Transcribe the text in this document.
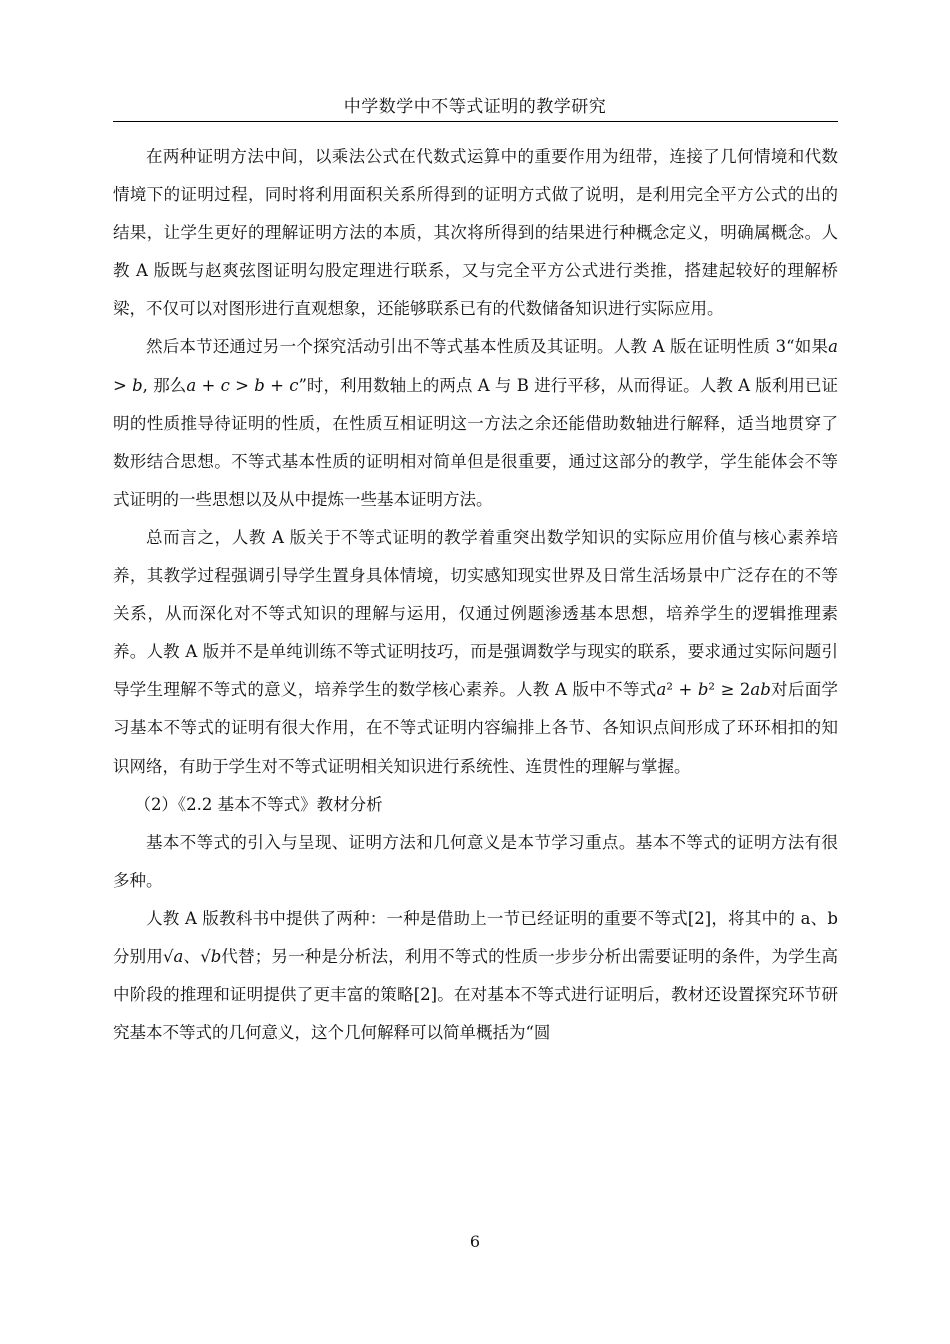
中学数学中不等式证明的教学研究

在两种证明方法中间，以乘法公式在代数式运算中的重要作用为纽带，连接了几何情境和代数情境下的证明过程，同时将利用面积关系所得到的证明方式做了说明，是利用完全平方公式的出的结果，让学生更好的理解证明方法的本质，其次将所得到的结果进行种概念定义，明确属概念。人教 A 版既与赵爽弦图证明勾股定理进行联系，又与完全平方公式进行类推，搭建起较好的理解桥梁，不仅可以对图形进行直观想象，还能够联系已有的代数储备知识进行实际应用。

然后本节还通过另一个探究活动引出不等式基本性质及其证明。人教 A 版在证明性质 3“如果𝑎 > 𝑏, 那么𝑎 + 𝑐 > 𝑏 + 𝑐”时，利用数轴上的两点 A 与 B 进行平移，从而得证。人教 A 版利用已证明的性质推导待证明的性质，在性质互相证明这一方法之余还能借助数轴进行解释，适当地贯穿了数形结合思想。不等式基本性质的证明相对简单但是很重要，通过这部分的教学，学生能体会不等式证明的一些思想以及从中提炼一些基本证明方法。

总而言之，人教 A 版关于不等式证明的教学着重突出数学知识的实际应用价值与核心素养培养，其教学过程强调引导学生置身具体情境，切实感知现实世界及日常生活场景中广泛存在的不等关系，从而深化对不等式知识的理解与运用，仅通过例题渗透基本思想，培养学生的逻辑推理素养。人教 A 版并不是单纯训练不等式证明技巧，而是强调数学与现实的联系，要求通过实际问题引导学生理解不等式的意义，培养学生的数学核心素养。人教 A 版中不等式𝑎² + 𝑏² ≥ 2𝑎𝑏对后面学习基本不等式的证明有很大作用，在不等式证明内容编排上各节、各知识点间形成了环环相扣的知识网络，有助于学生对不等式证明相关知识进行系统性、连贯性的理解与掌握。

（2）《2.2 基本不等式》教材分析

基本不等式的引入与呈现、证明方法和几何意义是本节学习重点。基本不等式的证明方法有很多种。

人教 A 版教科书中提供了两种：一种是借助上一节已经证明的重要不等式[2]，将其中的 a、b 分别用√𝑎、√𝑏代替；另一种是分析法，利用不等式的性质一步步分析出需要证明的条件，为学生高中阶段的推理和证明提供了更丰富的策略[2]。在对基本不等式进行证明后，教材还设置探究环节研究基本不等式的几何意义，这个几何解释可以简单概括为“圆

6
